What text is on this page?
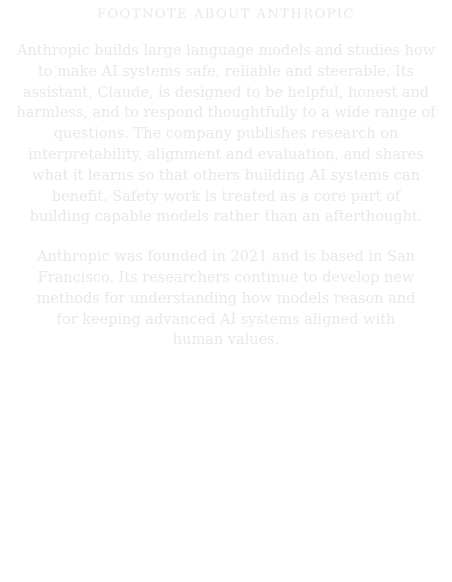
FOOTNOTE ABOUT ANTHROPIC

Anthropic builds large language models and studies how
to make AI systems safe, reliable and steerable. Its
assistant, Claude, is designed to be helpful, honest and
harmless, and to respond thoughtfully to a wide range of
questions. The company publishes research on
interpretability, alignment and evaluation, and shares
what it learns so that others building AI systems can
benefit. Safety work is treated as a core part of
building capable models rather than an afterthought.

Anthropic was founded in 2021 and is based in San
Francisco. Its researchers continue to develop new
methods for understanding how models reason and
for keeping advanced AI systems aligned with
human values.
